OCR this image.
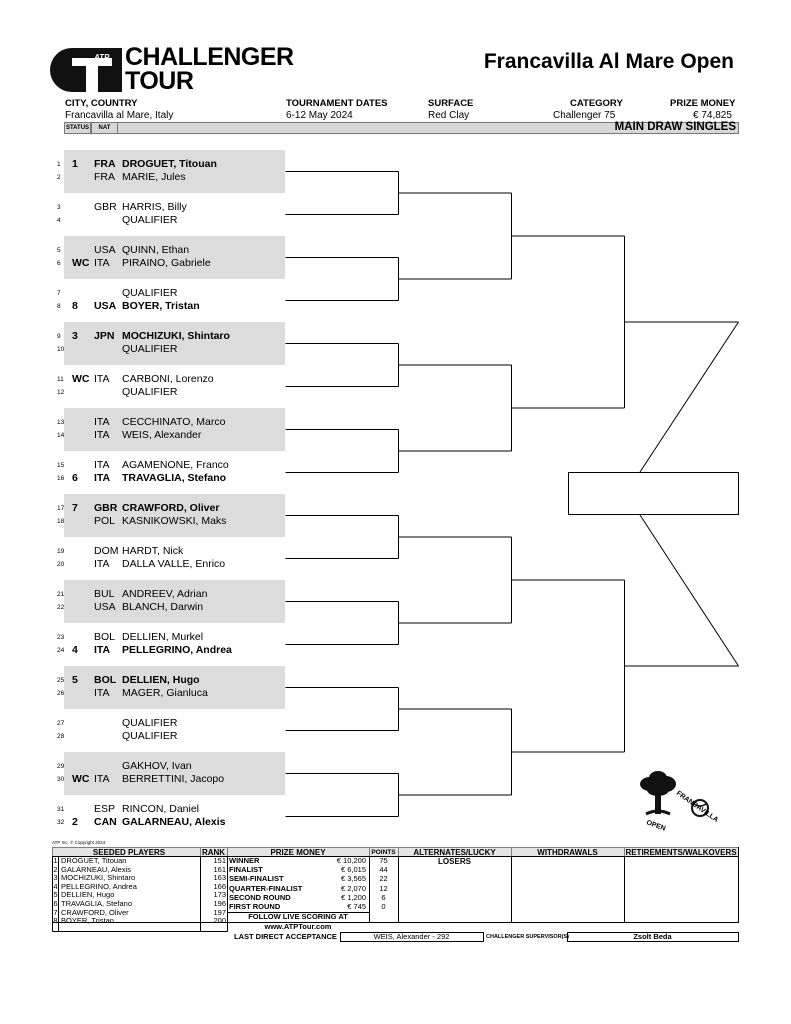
ATP CHALLENGER
TOUR
Francavilla Al Mare Open
CITY, COUNTRY
Francavilla al Mare, Italy
TOURNAMENT DATES
6-12 May 2024
SURFACE
Red Clay
CATEGORY
Challenger 75
PRIZE MONEY
€ 74,825
STATUS	NAT	MAIN DRAW SINGLES
1 1 FRA DROGUET, Titouan
2	FRA MARIE, Jules
3	GBR HARRIS, Billy
4	QUALIFIER
5	USA QUINN, Ethan
6 WC ITA PIRAINO, Gabriele
7	QUALIFIER
8 8 USA BOYER, Tristan
9 3 JPN MOCHIZUKI, Shintaro
10	QUALIFIER
11 WC ITA CARBONI, Lorenzo
12	QUALIFIER
13	ITA CECCHINATO, Marco
14	ITA WEIS, Alexander
15	ITA AGAMENONE, Franco
16 6 ITA TRAVAGLIA, Stefano
17 7 GBR CRAWFORD, Oliver
18	POL KASNIKOWSKI, Maks
19	DOM HARDT, Nick
20	ITA DALLA VALLE, Enrico
21	BUL ANDREEV, Adrian
22	USA BLANCH, Darwin
23	BOL DELLIEN, Murkel
24 4 ITA PELLEGRINO, Andrea
25 5 BOL DELLIEN, Hugo
26	ITA MAGER, Gianluca
27	QUALIFIER
28	QUALIFIER
29	GAKHOV, Ivan
30 WC ITA BERRETTINI, Jacopo
31	ESP RINCON, Daniel
32 2 CAN GALARNEAU, Alexis	FRANCAVILLA
OPEN
ATP Inc. © Copyright 2024
SEEDED PLAYERS	RANK	PRIZE MONEY	POINTS	ALTERNATES/LUCKY LOSERS
WITHDRAWALS	RETIREMENTS/WALKOVERS
1 DROGUET, Titouan	151
2 GALARNEAU, Alexis	161
3 MOCHIZUKI, Shintaro	163
4 PELLEGRINO, Andrea	166
5 DELLIEN, Hugo	173
6 TRAVAGLIA, Stefano	196
7 CRAWFORD, Oliver	197
8 BOYER, Tristan	200
WINNER	€ 10,200	75
FINALIST	€ 6,015	44
SEMI-FINALIST	€ 3,565	22
QUARTER-FINALIST	€ 2,070	12
SECOND ROUND	€ 1,200	6
FIRST ROUND	€ 745	0
FOLLOW LIVE SCORING AT
www.ATPTour.com
LAST DIRECT ACCEPTANCE	WEIS, Alexander - 292	CHALLENGER SUPERVISOR(S)	Zsolt Beda
